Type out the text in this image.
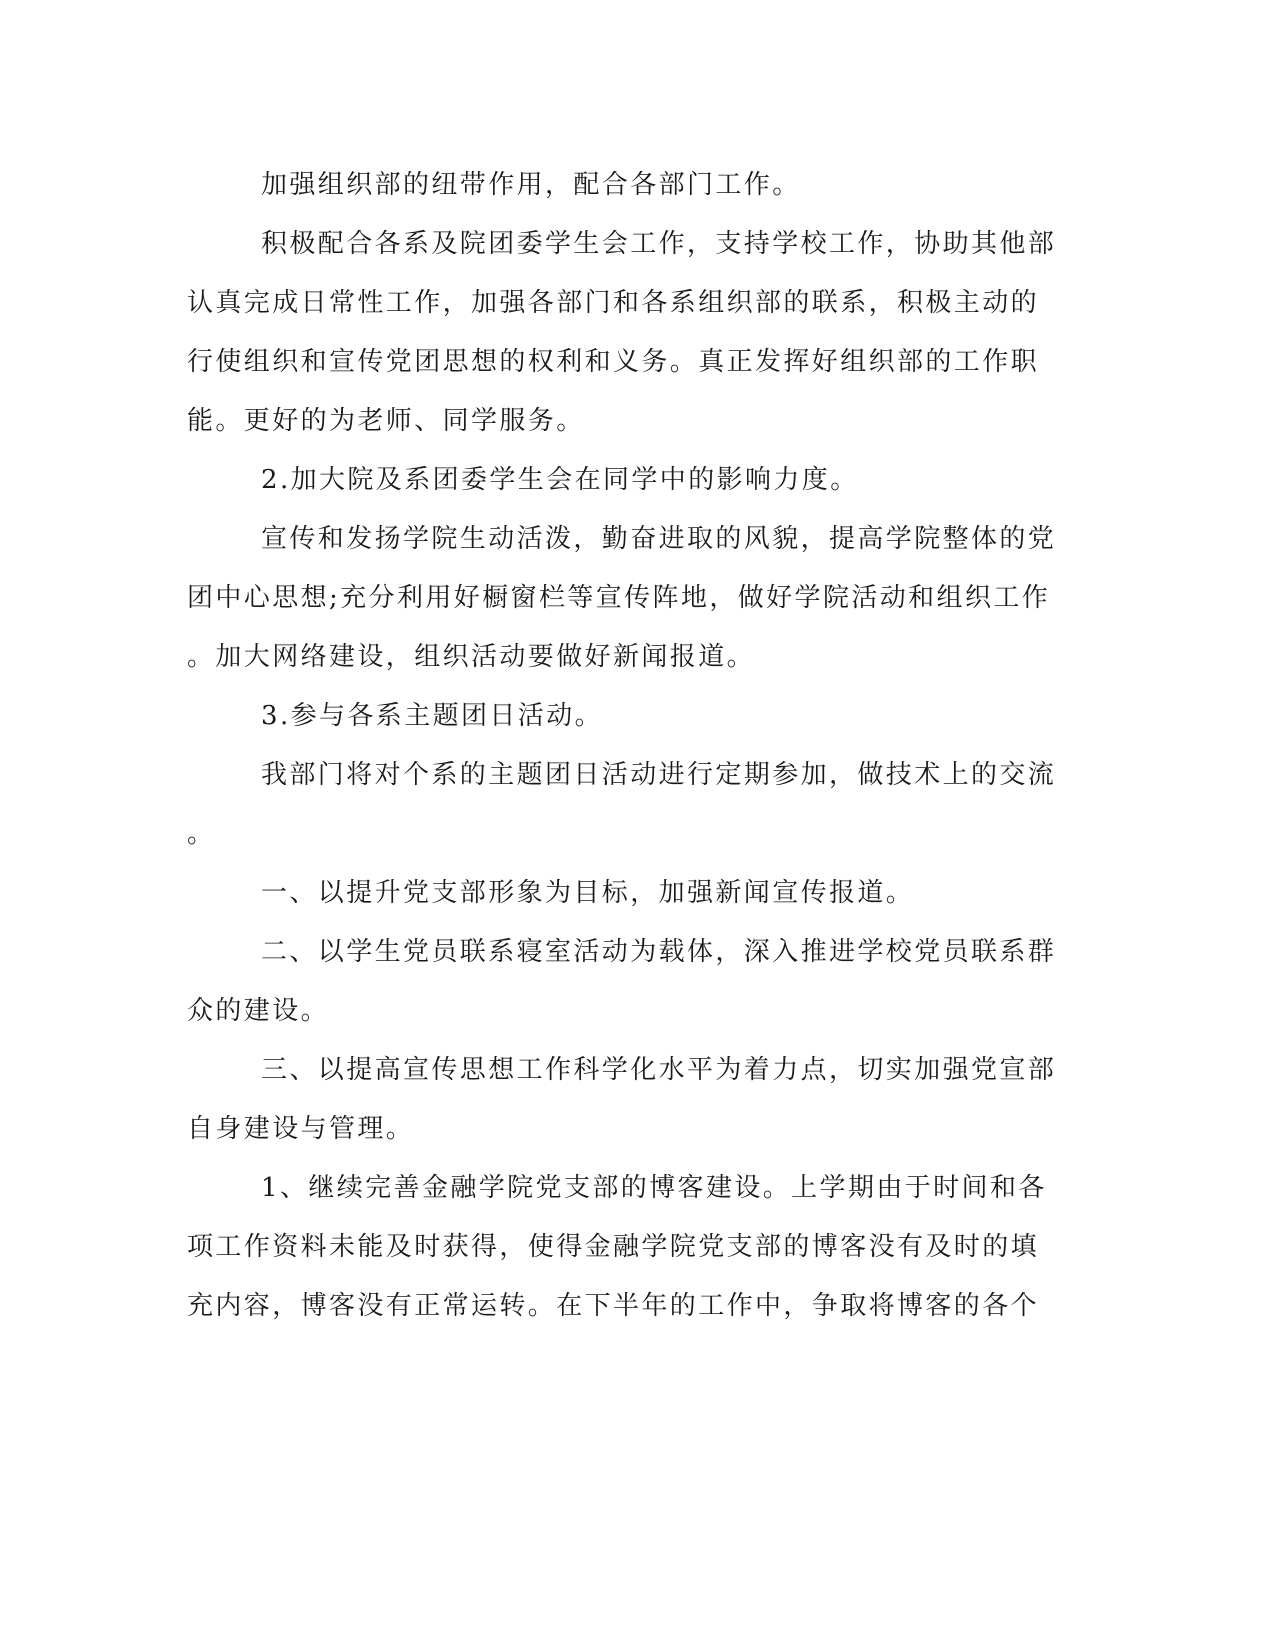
加强组织部的纽带作用，配合各部门工作。
积极配合各系及院团委学生会工作，支持学校工作，协助其他部
认真完成日常性工作，加强各部门和各系组织部的联系，积极主动的
行使组织和宣传党团思想的权利和义务。真正发挥好组织部的工作职
能。更好的为老师、同学服务。
2.加大院及系团委学生会在同学中的影响力度。
宣传和发扬学院生动活泼，勤奋进取的风貌，提高学院整体的党
团中心思想;充分利用好橱窗栏等宣传阵地，做好学院活动和组织工作
。加大网络建设，组织活动要做好新闻报道。
3.参与各系主题团日活动。
我部门将对个系的主题团日活动进行定期参加，做技术上的交流
。
一、以提升党支部形象为目标，加强新闻宣传报道。
二、以学生党员联系寝室活动为载体，深入推进学校党员联系群
众的建设。
三、以提高宣传思想工作科学化水平为着力点，切实加强党宣部
自身建设与管理。
1、继续完善金融学院党支部的博客建设。上学期由于时间和各
项工作资料未能及时获得，使得金融学院党支部的博客没有及时的填
充内容，博客没有正常运转。在下半年的工作中，争取将博客的各个
